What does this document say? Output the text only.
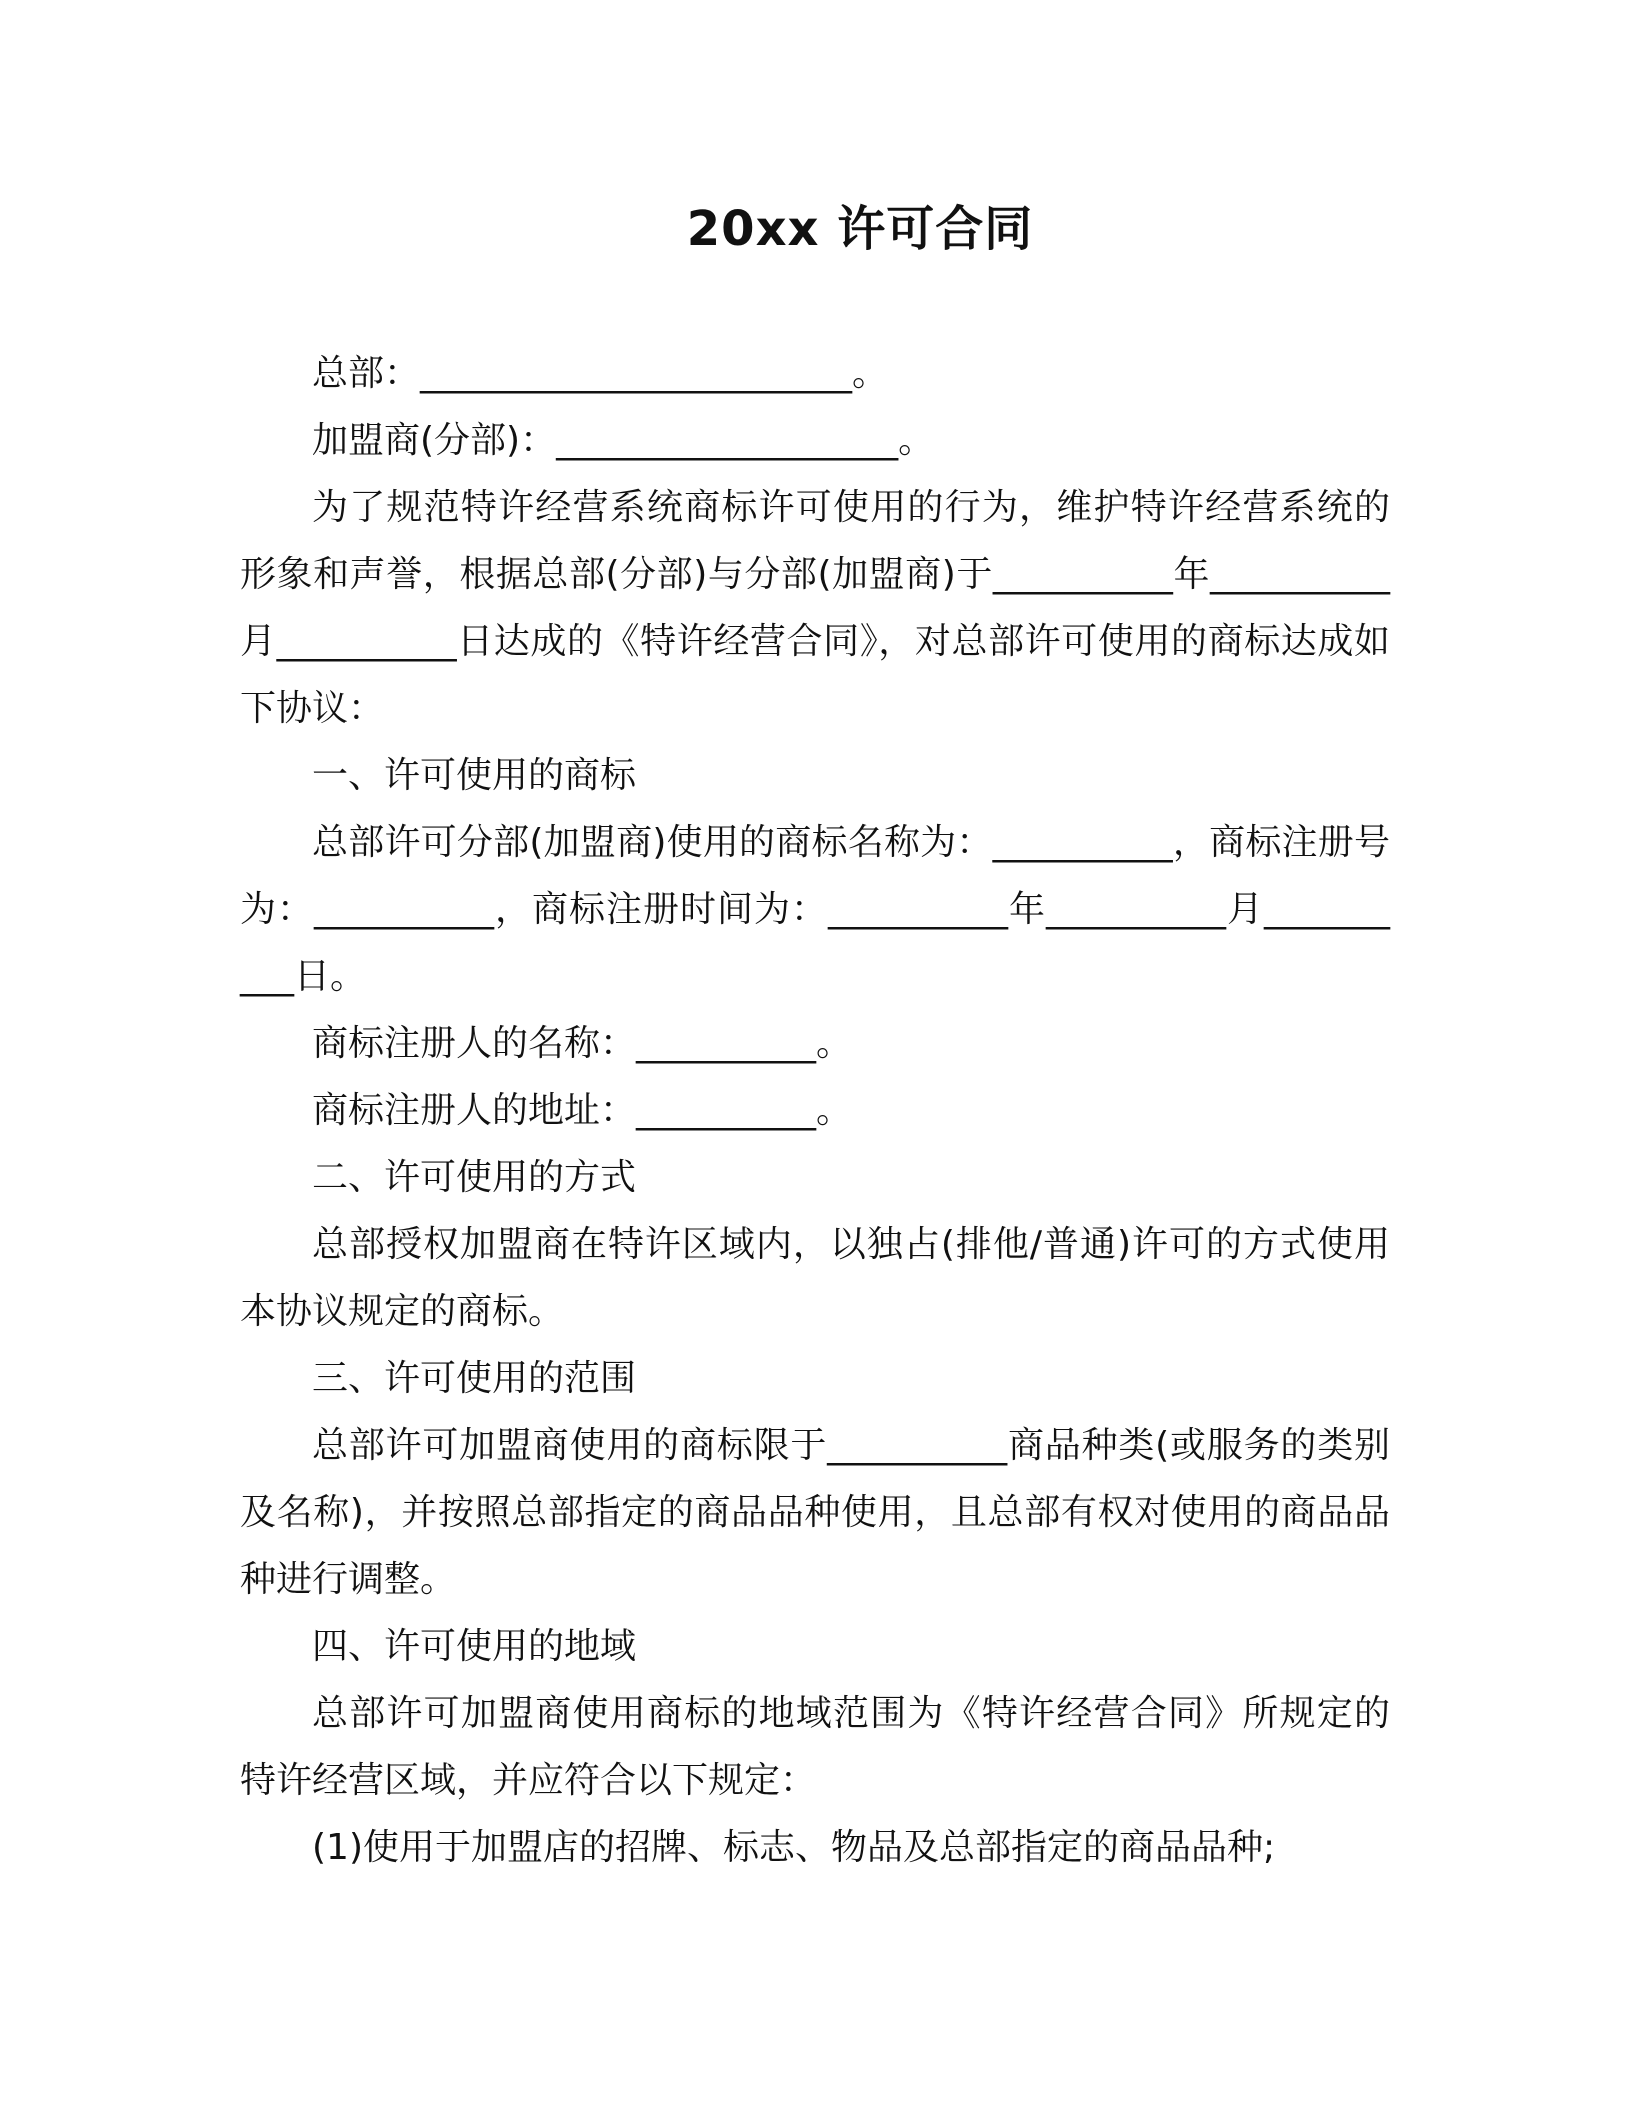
20xx 许可合同

总部：________________________。

加盟商(分部)：___________________。

为了规范特许经营系统商标许可使用的行为，维护特许经营系统的形象和声誉，根据总部(分部)与分部(加盟商)于__________年__________月__________日达成的《特许经营合同》，对总部许可使用的商标达成如下协议：

一、许可使用的商标

总部许可分部(加盟商)使用的商标名称为：__________，商标注册号为：__________，商标注册时间为：__________年__________月__________日。

商标注册人的名称：__________。

商标注册人的地址：__________。

二、许可使用的方式

总部授权加盟商在特许区域内，以独占(排他/普通)许可的方式使用本协议规定的商标。

三、许可使用的范围

总部许可加盟商使用的商标限于__________商品种类(或服务的类别及名称)，并按照总部指定的商品品种使用，且总部有权对使用的商品品种进行调整。

四、许可使用的地域

总部许可加盟商使用商标的地域范围为《特许经营合同》所规定的特许经营区域，并应符合以下规定：

(1)使用于加盟店的招牌、标志、物品及总部指定的商品品种;
